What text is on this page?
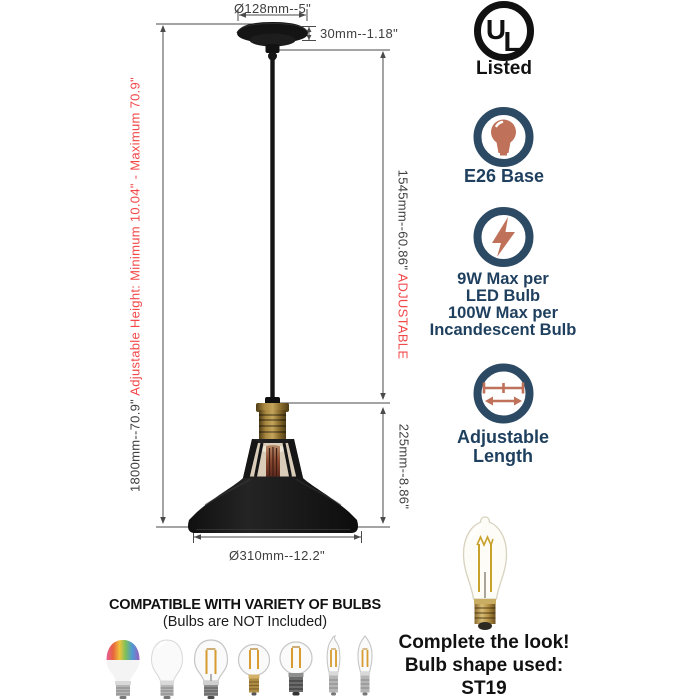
Ø128mm--5"
30mm--1.18"
1800mm--70.9" Adjustable Height: Minimum 10.04" - Maximum 70.9"	1545mm--60.86" ADJUSTABLE
225mm--8.86"
Ø310mm--12.2"
U
L
Listed
E26 Base
9W Max per
LED Bulb
100W Max per
Incandescent Bulb
Adjustable
Length
COMPATIBLE WITH VARIETY OF BULBS
(Bulbs are NOT Included)
Complete the look!
Bulb shape used:
ST19
